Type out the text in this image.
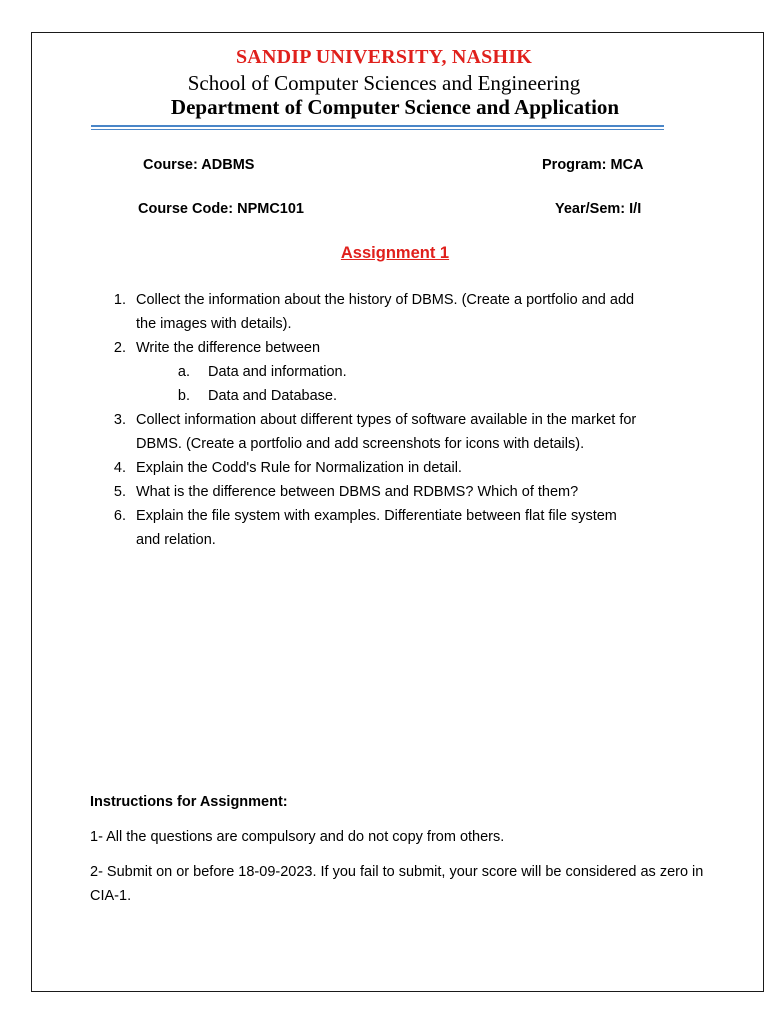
SANDIP UNIVERSITY, NASHIK
School of Computer Sciences and Engineering
Department of Computer Science and Application
Course: ADBMS	Program: MCA
Course Code: NPMC101	Year/Sem: I/I
Assignment 1
1. Collect the information about the history of DBMS. (Create a portfolio and add
the images with details).
2. Write the difference between
a. Data and information.
b. Data and Database.
3. Collect information about different types of software available in the market for
DBMS. (Create a portfolio and add screenshots for icons with details).
4. Explain the Codd's Rule for Normalization in detail.
5. What is the difference between DBMS and RDBMS? Which of them?
6. Explain the file system with examples. Differentiate between flat file system
and relation.
Instructions for Assignment:
1- All the questions are compulsory and do not copy from others.
2- Submit on or before 18-09-2023. If you fail to submit, your score will be considered as zero in CIA-1.
